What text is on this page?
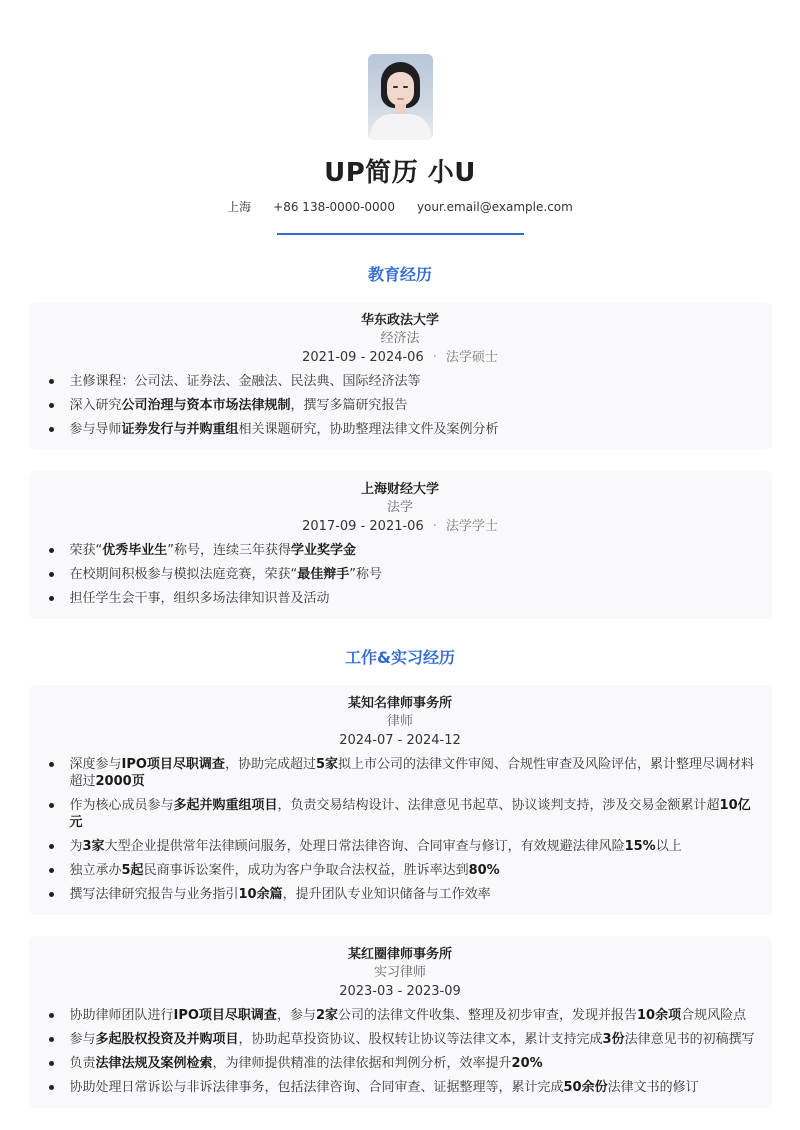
UP简历 小U
上海 +86 138-0000-0000 your.email@example.com
教育经历
华东政法大学
经济法
2021-09 - 2024-06 · 法学硕士
主修课程：公司法、证券法、金融法、民法典、国际经济法等
深入研究公司治理与资本市场法律规制，撰写多篇研究报告
参与导师证券发行与并购重组相关课题研究，协助整理法律文件及案例分析
上海财经大学
法学
2017-09 - 2021-06 · 法学学士
荣获“优秀毕业生”称号，连续三年获得学业奖学金
在校期间积极参与模拟法庭竞赛，荣获“最佳辩手”称号
担任学生会干事，组织多场法律知识普及活动
工作&实习经历
某知名律师事务所
律师
2024-07 - 2024-12
深度参与IPO项目尽职调查，协助完成超过5家拟上市公司的法律文件审阅、合规性审查及风险评估，累计整理尽调材料超过2000页
作为核心成员参与多起并购重组项目，负责交易结构设计、法律意见书起草、协议谈判支持，涉及交易金额累计超10亿元
为3家大型企业提供常年法律顾问服务，处理日常法律咨询、合同审查与修订，有效规避法律风险15%以上
独立承办5起民商事诉讼案件，成功为客户争取合法权益，胜诉率达到80%
撰写法律研究报告与业务指引10余篇，提升团队专业知识储备与工作效率
某红圈律师事务所
实习律师
2023-03 - 2023-09
协助律师团队进行IPO项目尽职调查，参与2家公司的法律文件收集、整理及初步审查，发现并报告10余项合规风险点
参与多起股权投资及并购项目，协助起草投资协议、股权转让协议等法律文本，累计支持完成3份法律意见书的初稿撰写
负责法律法规及案例检索，为律师提供精准的法律依据和判例分析，效率提升20%
协助处理日常诉讼与非诉法律事务，包括法律咨询、合同审查、证据整理等，累计完成50余份法律文书的修订
